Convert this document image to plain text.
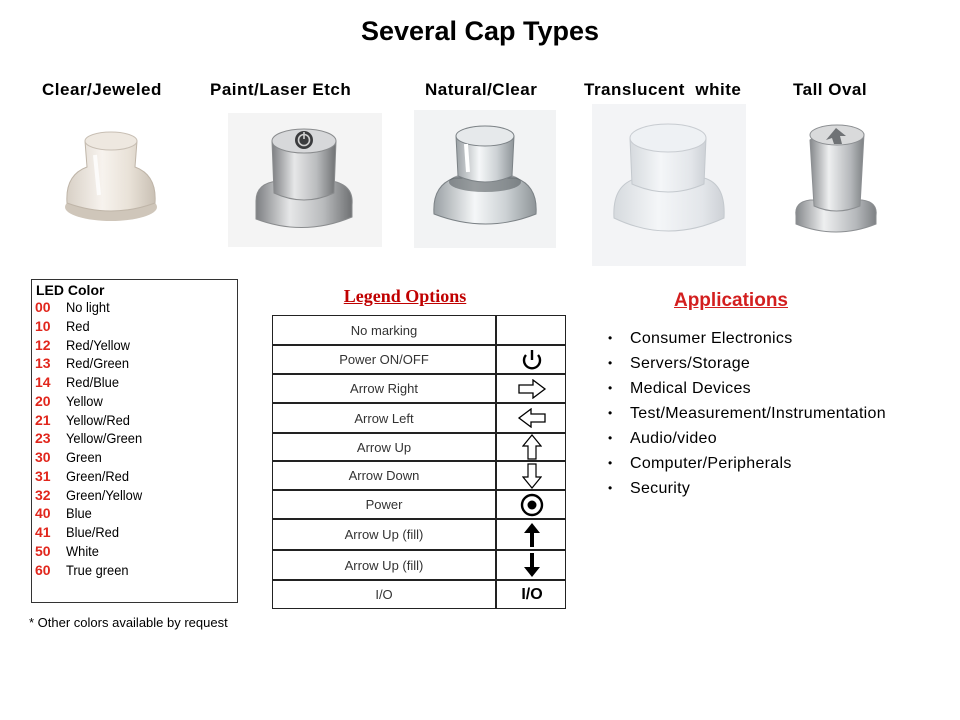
Several Cap Types
Clear/Jeweled	Paint/Laser Etch	Natural/Clear	Translucent  white	Tall Oval
LED Color
00 No light
10 Red
12 Red/Yellow
13 Red/Green
14 Red/Blue
20 Yellow
21 Yellow/Red
23 Yellow/Green
30 Green
31 Green/Red
32 Green/Yellow
40 Blue
41 Blue/Red
50 White
60 True green
* Other colors available by request
Legend Options
No marking
Power ON/OFF
Arrow Right
Arrow Left
Arrow Up
Arrow Down
Power
Arrow Up (fill)
Arrow Up (fill)
I/O	I/O
Applications
• Consumer Electronics
• Servers/Storage
• Medical Devices
• Test/Measurement/Instrumentation
• Audio/video
• Computer/Peripherals
• Security
